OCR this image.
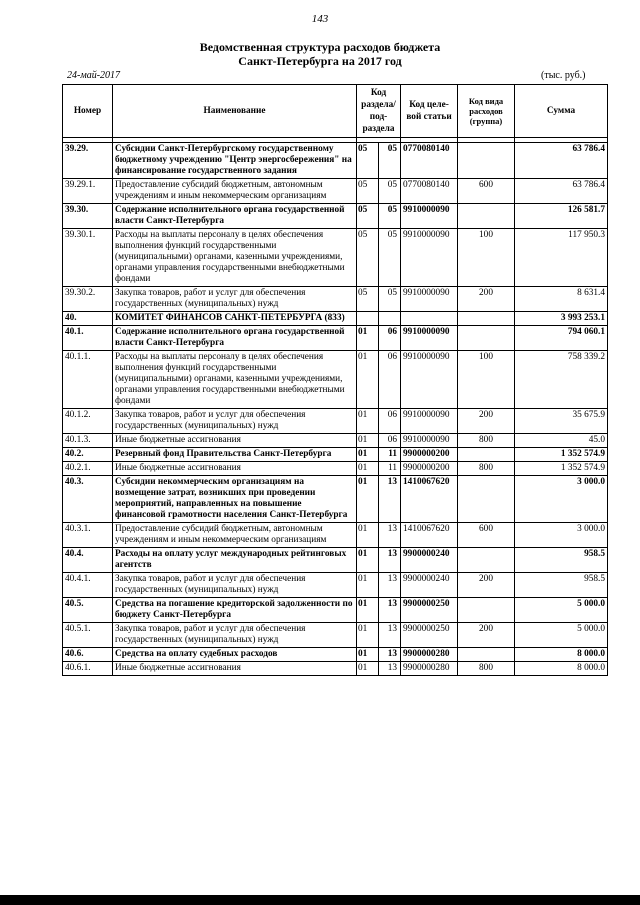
143
Ведомственная структура расходов бюджета
Санкт-Петербурга на 2017 год
24-май-2017	(тыс. руб.)
Номер	Наименование	Код раздела/ под-раздела		Код целе-вой статьи	Код вида расходов (группа)	Сумма

39.29.	Субсидии Санкт-Петербургскому государственному бюджетному учреждению "Центр энергосбережения" на финансирование государственного задания	05	05	0770080140		63 786.4
39.29.1.	Предоставление субсидий бюджетным, автономным учреждениям и иным некоммерческим организациям	05	05	0770080140	600	63 786.4
39.30.	Содержание исполнительного органа государственной власти Санкт-Петербурга	05	05	9910000090		126 581.7
39.30.1.	Расходы на выплаты персоналу в целях обеспечения выполнения функций государственными (муниципальными) органами, казенными учреждениями, органами управления государственными внебюджетными фондами	05	05	9910000090	100	117 950.3
39.30.2.	Закупка товаров, работ и услуг для обеспечения государственных (муниципальных) нужд	05	05	9910000090	200	8 631.4
40.	КОМИТЕТ ФИНАНСОВ САНКТ-ПЕТЕРБУРГА (833)					3 993 253.1
40.1.	Содержание исполнительного органа государственной власти Санкт-Петербурга	01	06	9910000090		794 060.1
40.1.1.	Расходы на выплаты персоналу в целях обеспечения выполнения функций государственными (муниципальными) органами, казенными учреждениями, органами управления государственными внебюджетными фондами	01	06	9910000090	100	758 339.2
40.1.2.	Закупка товаров, работ и услуг для обеспечения государственных (муниципальных) нужд	01	06	9910000090	200	35 675.9
40.1.3.	Иные бюджетные ассигнования	01	06	9910000090	800	45.0
40.2.	Резервный фонд Правительства Санкт-Петербурга	01	11	9900000200		1 352 574.9
40.2.1.	Иные бюджетные ассигнования	01	11	9900000200	800	1 352 574.9
40.3.	Субсидии некоммерческим организациям на возмещение затрат, возникших при проведении мероприятий, направленных на повышение финансовой грамотности населения Санкт-Петербурга	01	13	1410067620		3 000.0
40.3.1.	Предоставление субсидий бюджетным, автономным учреждениям и иным некоммерческим организациям	01	13	1410067620	600	3 000.0
40.4.	Расходы на оплату услуг международных рейтинговых агентств	01	13	9900000240		958.5
40.4.1.	Закупка товаров, работ и услуг для обеспечения государственных (муниципальных) нужд	01	13	9900000240	200	958.5
40.5.	Средства на погашение кредиторской задолженности по бюджету Санкт-Петербурга	01	13	9900000250		5 000.0
40.5.1.	Закупка товаров, работ и услуг для обеспечения государственных (муниципальных) нужд	01	13	9900000250	200	5 000.0
40.6.	Средства на оплату судебных расходов	01	13	9900000280		8 000.0
40.6.1.	Иные бюджетные ассигнования	01	13	9900000280	800	8 000.0
